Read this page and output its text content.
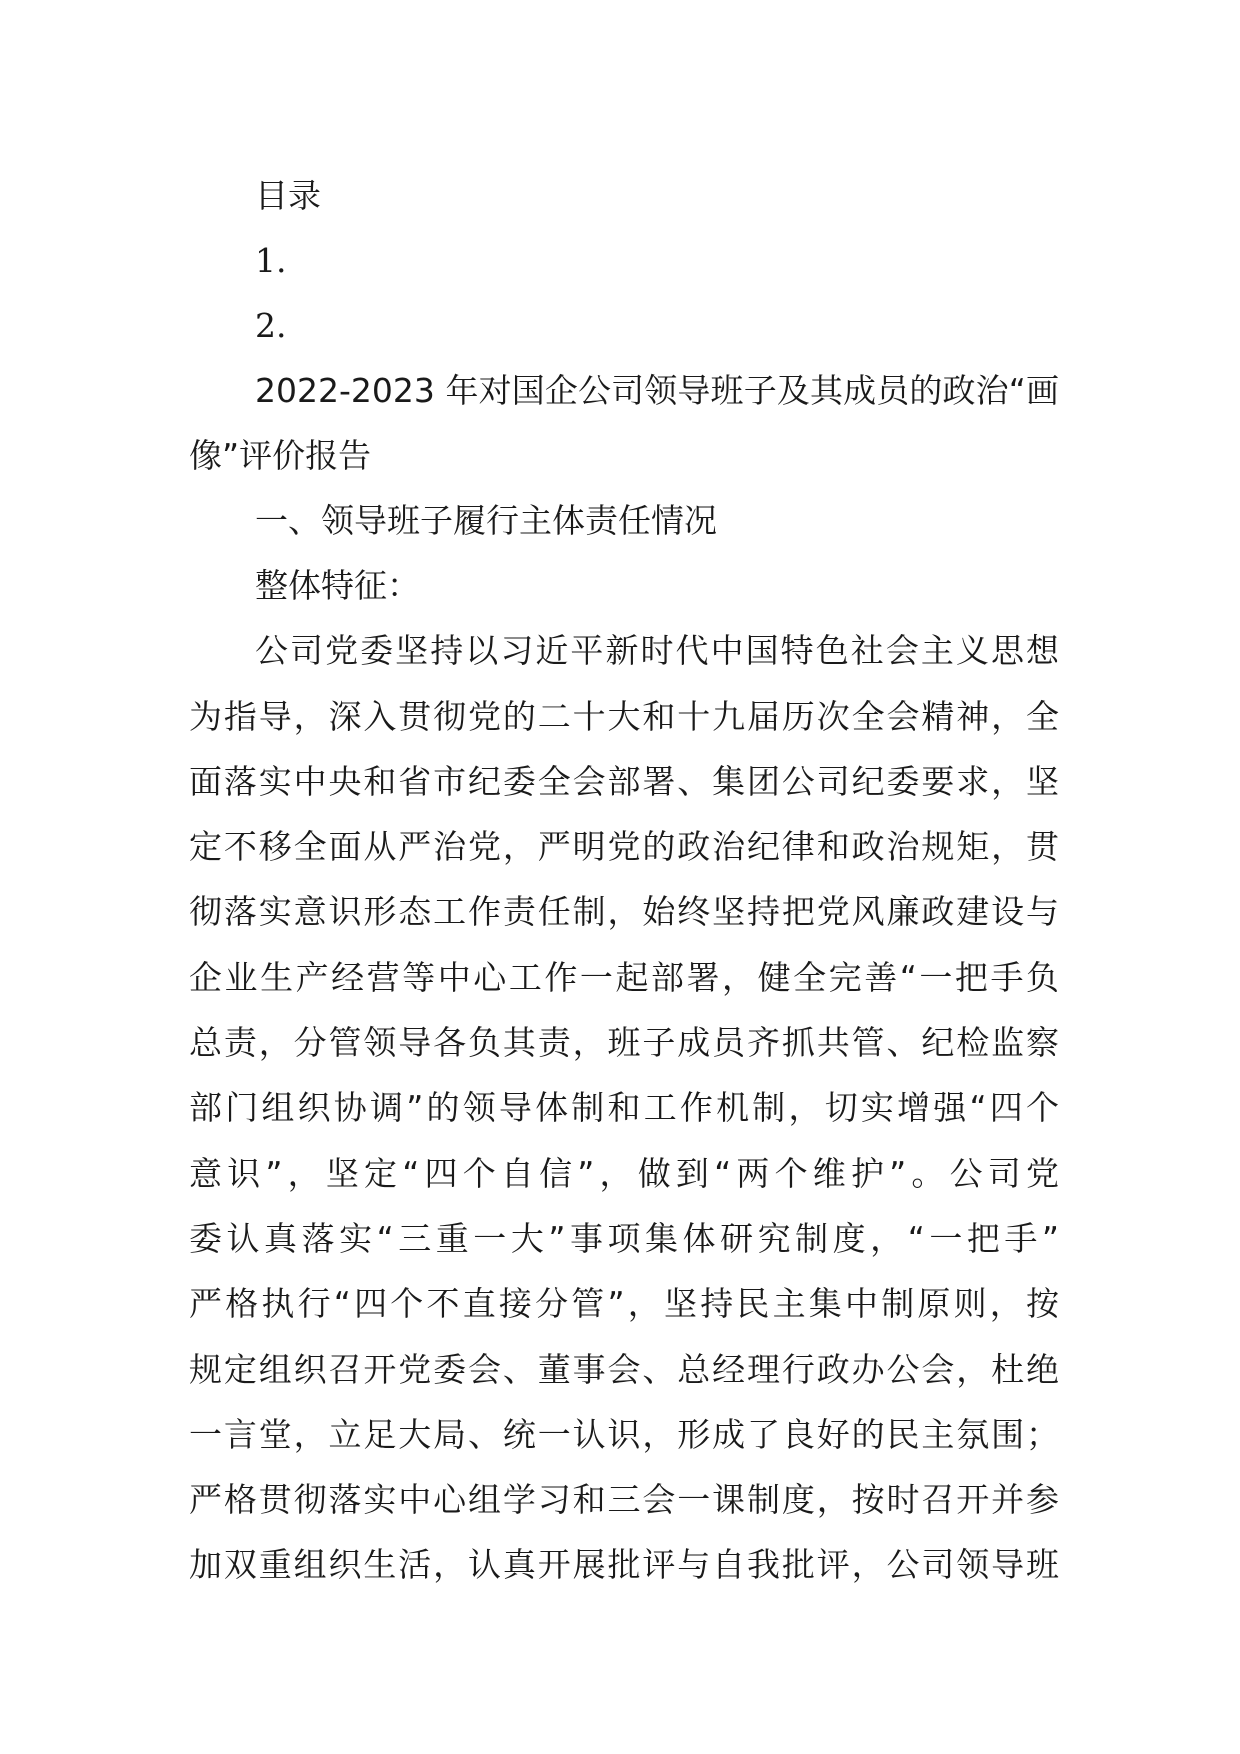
目录
1.
2.
2022-2023 年对国企公司领导班子及其成员的政治“画
像”评价报告
一、领导班子履行主体责任情况
整体特征：
公司党委坚持以习近平新时代中国特色社会主义思想
为指导，深入贯彻党的二十大和十九届历次全会精神，全
面落实中央和省市纪委全会部署、集团公司纪委要求，坚
定不移全面从严治党，严明党的政治纪律和政治规矩，贯
彻落实意识形态工作责任制，始终坚持把党风廉政建设与
企业生产经营等中心工作一起部署，健全完善“一把手负
总责，分管领导各负其责，班子成员齐抓共管、纪检监察
部门组织协调”的领导体制和工作机制，切实增强“四个
意识”，坚定“四个自信”，做到“两个维护”。公司党
委认真落实“三重一大”事项集体研究制度，“一把手”
严格执行“四个不直接分管”，坚持民主集中制原则，按
规定组织召开党委会、董事会、总经理行政办公会，杜绝
一言堂，立足大局、统一认识，形成了良好的民主氛围；
严格贯彻落实中心组学习和三会一课制度，按时召开并参
加双重组织生活，认真开展批评与自我批评，公司领导班
